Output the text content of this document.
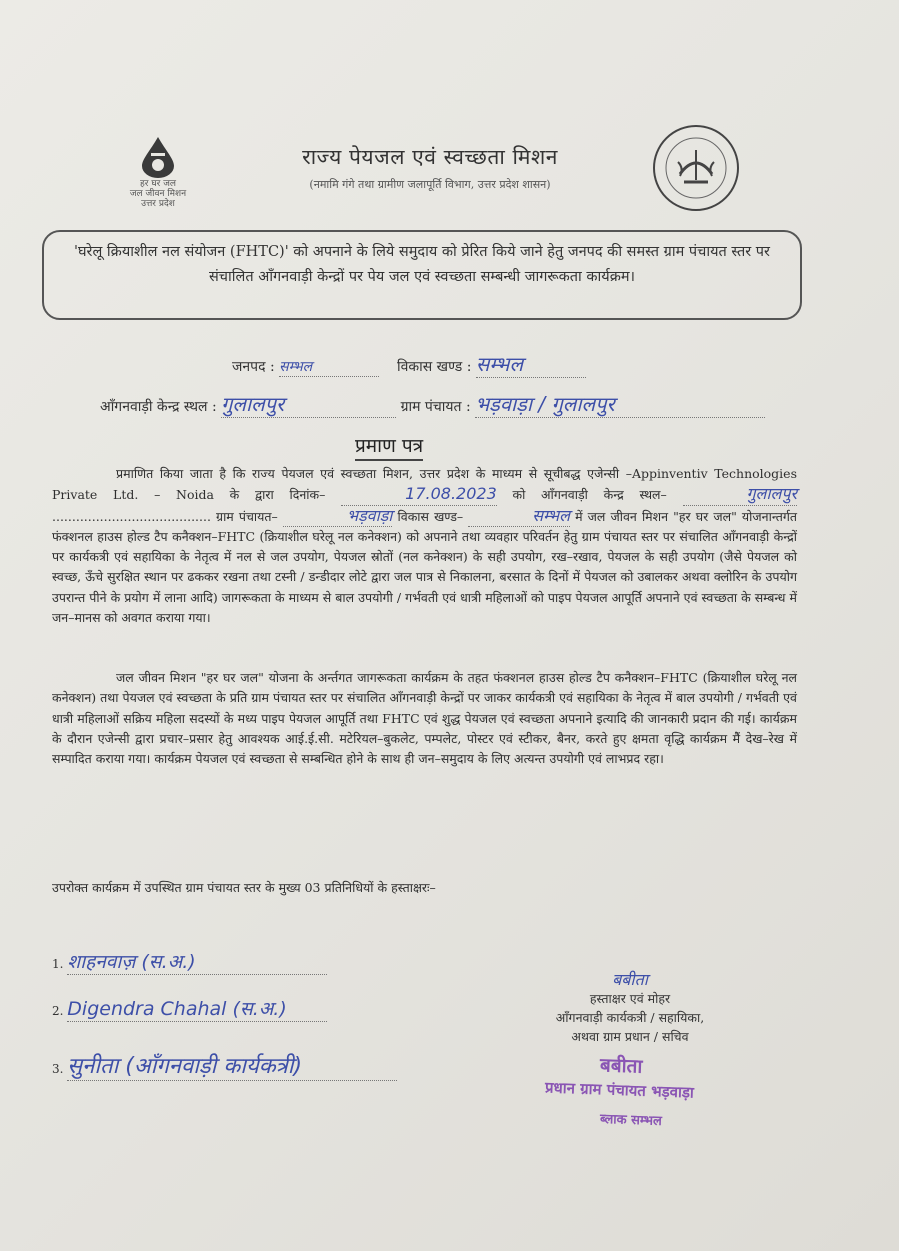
हर घर जल
जल जीवन मिशन
उत्तर प्रदेश
राज्य पेयजल एवं स्वच्छता मिशन
(नमामि गंगे तथा ग्रामीण जलापूर्ति विभाग, उत्तर प्रदेश शासन)
'घरेलू क्रियाशील नल संयोजन (FHTC)' को अपनाने के लिये समुदाय को प्रेरित किये जाने हेतु जनपद की समस्त ग्राम पंचायत स्तर पर संचालित आँगनवाड़ी केन्द्रों पर पेय जल एवं स्वच्छता सम्बन्धी जागरूकता कार्यक्रम।
जनपद : सम्भल	विकास खण्ड : सम्भल
आँगनवाड़ी केन्द्र स्थल : गुलालपुर	ग्राम पंचायत : भड़वाड़ा / गुलालपुर
प्रमाण पत्र

प्रमाणित किया जाता है कि राज्य पेयजल एवं स्वच्छता मिशन, उत्तर प्रदेश के माध्यम से सूचीबद्ध एजेन्सी –Appinventiv Technologies Private Ltd. – Noida के द्वारा दिनांक–	17.08.2023 को आँगनवाड़ी केन्द्र स्थल–	गुलालपुर ........................................ ग्राम पंचायत–	भड़वाड़ा विकास खण्ड–	सम्भल में जल जीवन मिशन "हर घर जल" योजनान्तर्गत फंक्शनल हाउस होल्ड टैप कनैक्शन–FHTC (क्रियाशील घरेलू नल कनेक्शन) को अपनाने तथा व्यवहार परिवर्तन हेतु ग्राम पंचायत स्तर पर संचालित आँगनवाड़ी केन्द्रों पर कार्यकत्री एवं सहायिका के नेतृत्व में नल से जल उपयोग, पेयजल स्रोतों (नल कनेक्शन) के सही उपयोग, रख–रखाव, पेयजल के सही उपयोग (जैसे पेयजल को स्वच्छ, ऊँचे सुरक्षित स्थान पर ढककर रखना तथा टस्नी / डन्डीदार लोटे द्वारा जल पात्र से निकालना, बरसात के दिनों में पेयजल को उबालकर अथवा क्लोरिन के उपयोग उपरान्त पीने के प्रयोग में लाना आदि) जागरूकता के माध्यम से बाल उपयोगी / गर्भवती एवं धात्री महिलाओं को पाइप पेयजल आपूर्ति अपनाने एवं स्वच्छता के सम्बन्ध में जन–मानस को अवगत कराया गया।

जल जीवन मिशन "हर घर जल" योजना के अर्न्तगत जागरूकता कार्यक्रम के तहत फंक्शनल हाउस होल्ड टैप कनैक्शन–FHTC (क्रियाशील घरेलू नल कनेक्शन) तथा पेयजल एवं स्वच्छता के प्रति ग्राम पंचायत स्तर पर संचालित आँगनवाड़ी केन्द्रों पर जाकर कार्यकत्री एवं सहायिका के नेतृत्व में बाल उपयोगी / गर्भवती एवं धात्री महिलाओं सक्रिय महिला सदस्यों के मध्य पाइप पेयजल आपूर्ति तथा FHTC एवं शुद्ध पेयजल एवं स्वच्छता अपनाने इत्यादि की जानकारी प्रदान की गई। कार्यक्रम के दौरान एजेन्सी द्वारा प्रचार–प्रसार हेतु आवश्यक आई.ई.सी. मटेरियल–बुकलेट, पम्पलेट, पोस्टर एवं स्टीकर, बैनर, करते हुए क्षमता वृद्धि कार्यक्रम मेैं देख–रेख में सम्पादित कराया गया। कार्यक्रम पेयजल एवं स्वच्छता से सम्बन्धित होने के साथ ही जन–समुदाय के लिए अत्यन्त उपयोगी एवं लाभप्रद रहा।

उपरोक्त कार्यक्रम में उपस्थित ग्राम पंचायत स्तर के मुख्य 03 प्रतिनिधियों के हस्ताक्षरः–
1. शाहनवाज़ (स.अ.)
2. Digendra Chahal (स.अ.)
3. सुनीता (आँगनवाड़ी कार्यकत्री)
बबीता
हस्ताक्षर एवं मोहर
आँगनवाड़ी कार्यकत्री / सहायिका,
अथवा ग्राम प्रधान / सचिव
बबीता
प्रधान ग्राम पंचायत भड़वाड़ा
ब्लाक सम्भल
